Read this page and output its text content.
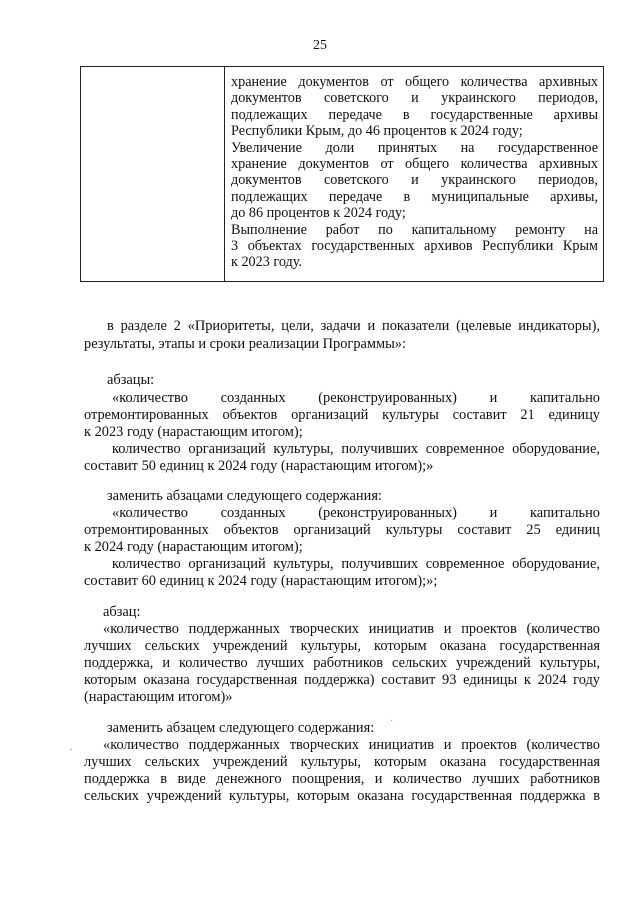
25
хранение документов от общего количества архивных
документов советского и украинского периодов,
подлежащих передаче в государственные архивы
Республики Крым, до 46 процентов к 2024 году;
Увеличение доли принятых на государственное
хранение документов от общего количества архивных
документов советского и украинского периодов,
подлежащих передаче в муниципальные архивы,
до 86 процентов к 2024 году;
Выполнение работ по капитальному ремонту на
3 объектах государственных архивов Республики Крым
к 2023 году.
в разделе 2 «Приоритеты, цели, задачи и показатели (целевые индикаторы),
результаты, этапы и сроки реализации Программы»:
абзацы:
«количество созданных (реконструированных) и капитально
отремонтированных объектов организаций культуры составит 21 единицу
к 2023 году (нарастающим итогом);
количество организаций культуры, получивших современное оборудование,
составит 50 единиц к 2024 году (нарастающим итогом);»
заменить абзацами следующего содержания:
«количество созданных (реконструированных) и капитально
отремонтированных объектов организаций культуры составит 25 единиц
к 2024 году (нарастающим итогом);
количество организаций культуры, получивших современное оборудование,
составит 60 единиц к 2024 году (нарастающим итогом);»;
абзац:
«количество поддержанных творческих инициатив и проектов (количество
лучших сельских учреждений культуры, которым оказана государственная
поддержка, и количество лучших работников сельских учреждений культуры,
которым оказана государственная поддержка) составит 93 единицы к 2024 году
(нарастающим итогом)»
заменить абзацем следующего содержания:
«количество поддержанных творческих инициатив и проектов (количество
лучших сельских учреждений культуры, которым оказана государственная
поддержка в виде денежного поощрения, и количество лучших работников
сельских учреждений культуры, которым оказана государственная поддержка в
·
·
